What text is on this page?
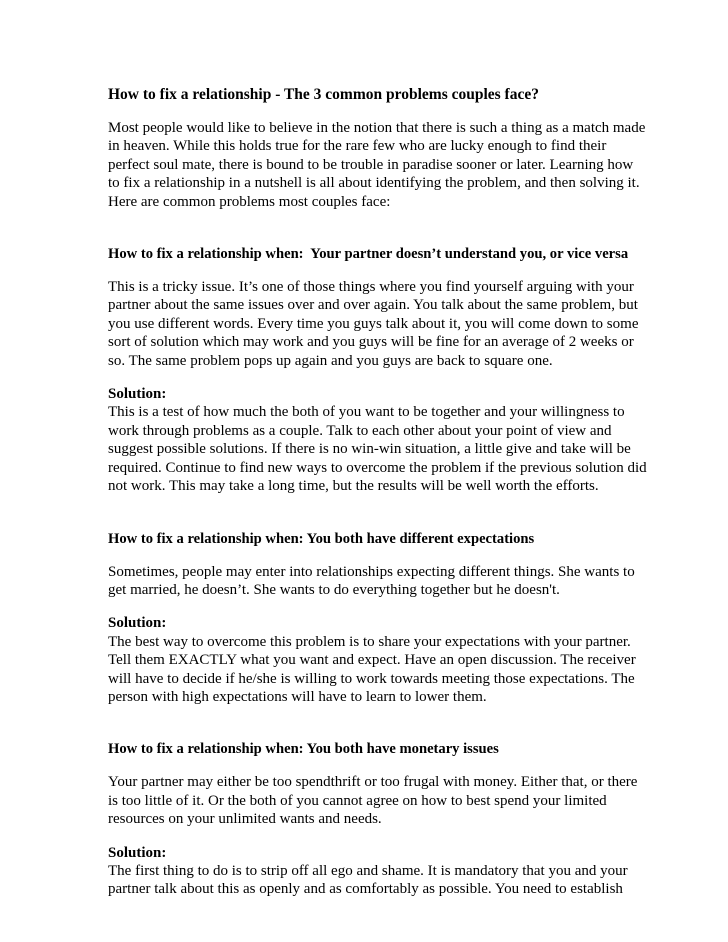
How to fix a relationship - The 3 common problems couples face?

Most people would like to believe in the notion that there is such a thing as a match made
in heaven. While this holds true for the rare few who are lucky enough to find their
perfect soul mate, there is bound to be trouble in paradise sooner or later. Learning how
to fix a relationship in a nutshell is all about identifying the problem, and then solving it.
Here are common problems most couples face:

How to fix a relationship when:  Your partner doesn’t understand you, or vice versa

This is a tricky issue. It’s one of those things where you find yourself arguing with your
partner about the same issues over and over again. You talk about the same problem, but
you use different words. Every time you guys talk about it, you will come down to some
sort of solution which may work and you guys will be fine for an average of 2 weeks or
so. The same problem pops up again and you guys are back to square one.

Solution:
This is a test of how much the both of you want to be together and your willingness to
work through problems as a couple. Talk to each other about your point of view and
suggest possible solutions. If there is no win-win situation, a little give and take will be
required. Continue to find new ways to overcome the problem if the previous solution did
not work. This may take a long time, but the results will be well worth the efforts.

How to fix a relationship when: You both have different expectations

Sometimes, people may enter into relationships expecting different things. She wants to
get married, he doesn’t. She wants to do everything together but he doesn't.

Solution:
The best way to overcome this problem is to share your expectations with your partner.
Tell them EXACTLY what you want and expect. Have an open discussion. The receiver
will have to decide if he/she is willing to work towards meeting those expectations. The
person with high expectations will have to learn to lower them.

How to fix a relationship when: You both have monetary issues

Your partner may either be too spendthrift or too frugal with money. Either that, or there
is too little of it. Or the both of you cannot agree on how to best spend your limited
resources on your unlimited wants and needs.

Solution:
The first thing to do is to strip off all ego and shame. It is mandatory that you and your
partner talk about this as openly and as comfortably as possible. You need to establish
